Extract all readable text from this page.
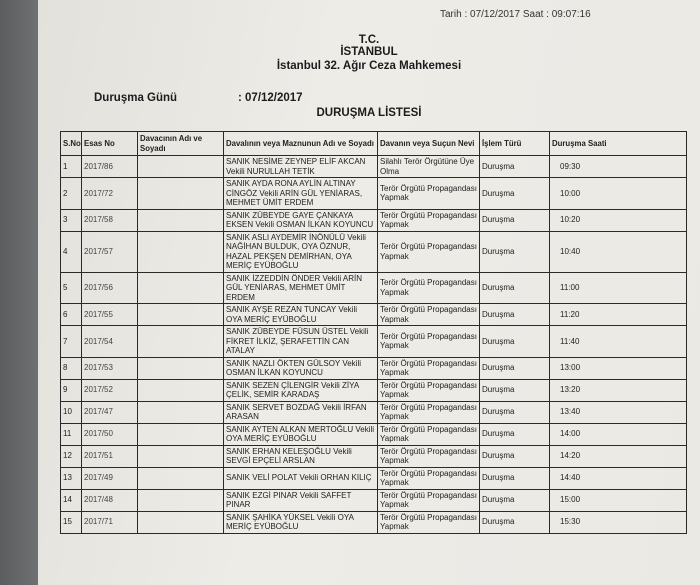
Tarih : 07/12/2017 Saat : 09:07:16
T.C.
İSTANBUL
İstanbul 32. Ağır Ceza Mahkemesi
Duruşma Günü	: 07/12/2017
DURUŞMA LİSTESİ
S.No	Esas No	Davacının Adı ve Soyadı	Davalının veya Maznunun Adı ve Soyadı	Davanın veya Suçun Nevi	İşlem Türü	Duruşma Saati
1	2017/86		SANIK NESİME ZEYNEP ELİF AKCAN Vekili NURULLAH TETİK	Silahlı Terör Örgütüne Üye Olma	Duruşma	09:30
2	2017/72		SANIK AYDA RONA AYLİN ALTINAY CİNGÖZ Vekili ARİN GÜL YENİARAS, MEHMET ÜMİT ERDEM	Terör Örgütü Propagandası Yapmak	Duruşma	10:00
3	2017/58		SANIK ZÜBEYDE GAYE ÇANKAYA EKSEN Vekili OSMAN İLKAN KOYUNCU	Terör Örgütü Propagandası Yapmak	Duruşma	10:20
4	2017/57		SANIK ASLI AYDEMİR İNÖNÜLÜ Vekili NAĞİHAN BULDUK, OYA ÖZNUR, HAZAL PEKŞEN DEMİRHAN, OYA MERİÇ EYÜBOĞLU	Terör Örgütü Propagandası Yapmak	Duruşma	10:40
5	2017/56		SANIK İZZEDDİN ÖNDER Vekili ARİN GÜL YENİARAS, MEHMET ÜMİT ERDEM	Terör Örgütü Propagandası Yapmak	Duruşma	11:00
6	2017/55		SANIK AYŞE REZAN TUNCAY Vekili OYA MERİÇ EYÜBOĞLU	Terör Örgütü Propagandası Yapmak	Duruşma	11:20
7	2017/54		SANIK ZÜBEYDE FÜSUN ÜSTEL Vekili FİKRET İLKİZ, ŞERAFETTİN CAN ATALAY	Terör Örgütü Propagandası Yapmak	Duruşma	11:40
8	2017/53		SANIK NAZLI ÖKTEN GÜLSOY Vekili OSMAN İLKAN KOYUNCU	Terör Örgütü Propagandası Yapmak	Duruşma	13:00
9	2017/52		SANIK SEZEN ÇİLENGİR Vekili ZİYA ÇELİK, SEMİR KARADAŞ	Terör Örgütü Propagandası Yapmak	Duruşma	13:20
10	2017/47		SANIK SERVET BOZDAĞ Vekili İRFAN ARASAN	Terör Örgütü Propagandası Yapmak	Duruşma	13:40
11	2017/50		SANIK AYTEN ALKAN MERTOĞLU Vekili OYA MERİÇ EYÜBOĞLU	Terör Örgütü Propagandası Yapmak	Duruşma	14:00
12	2017/51		SANIK ERHAN KELEŞOĞLU Vekili SEVGİ EPÇELİ ARSLAN	Terör Örgütü Propagandası Yapmak	Duruşma	14:20
13	2017/49		SANIK VELİ POLAT Vekili ORHAN KILIÇ	Terör Örgütü Propagandası Yapmak	Duruşma	14:40
14	2017/48		SANIK EZGİ PINAR Vekili SAFFET PINAR	Terör Örgütü Propagandası Yapmak	Duruşma	15:00
15	2017/71		SANIK ŞAHİKA YÜKSEL Vekili OYA MERİÇ EYÜBOĞLU	Terör Örgütü Propagandası Yapmak	Duruşma	15:30
